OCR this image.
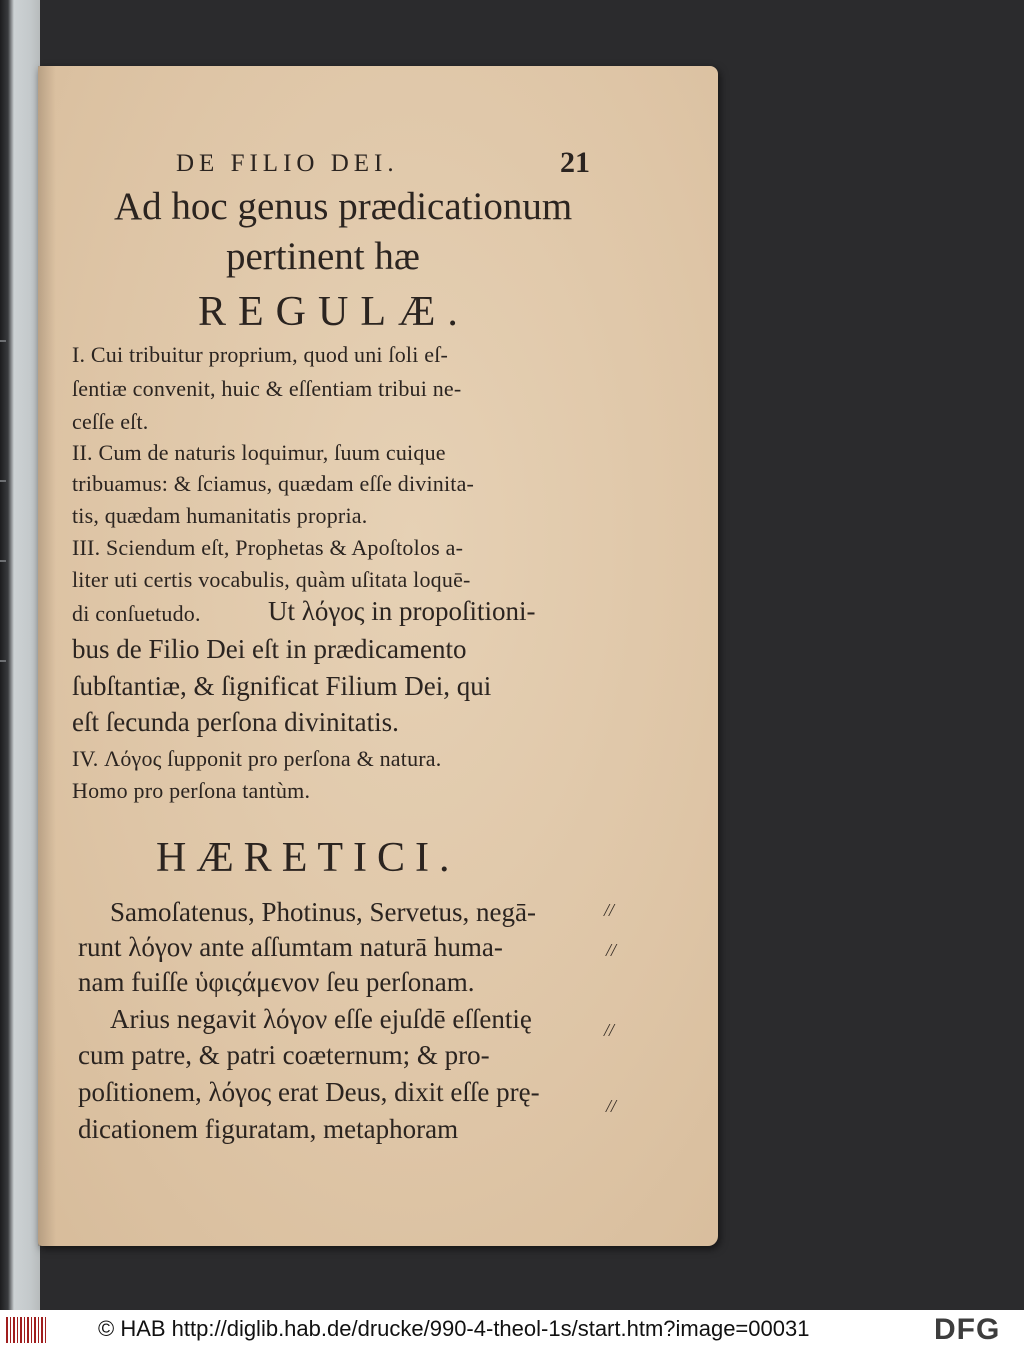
DE FILIO DEI.	21
Ad hoc genus prædicationum
pertinent hæ
REGULÆ.
I. Cui tribuitur proprium, quod uni ſoli eſ-
ſentiæ convenit, huic & eſſentiam tribui ne-
ceſſe eſt.
II. Cum de naturis loquimur, ſuum cuique
tribuamus: & ſciamus, quædam eſſe divinita-
tis, quædam humanitatis propria.
III. Sciendum eſt, Prophetas & Apoſtolos a-
liter uti certis vocabulis, quàm uſitata loquē-
di conſuetudo. Ut λόγος in propoſitioni-
bus de Filio Dei eſt in prædicamento
ſubſtantiæ, & ſignificat Filium Dei, qui
eſt ſecunda perſona divinitatis.
IV. Λόγος ſupponit pro perſona & natura.
Homo pro perſona tantùm.
HÆRETICI.
Samoſatenus, Photinus, Servetus, negā-
runt λόγον ante aſſumtam naturā huma-
nam fuiſſe ὑφιςάμϵνον ſeu perſonam.
Arius negavit λόγον eſſe ejuſdē eſſentię
cum patre, & patri coæternum; & pro-
poſitionem, λόγος erat Deus, dixit eſſe prę-
dicationem figuratam, metaphoram
//
//
//
//
© HAB http://diglib.hab.de/drucke/990-4-theol-1s/start.htm?image=00031	DFG
